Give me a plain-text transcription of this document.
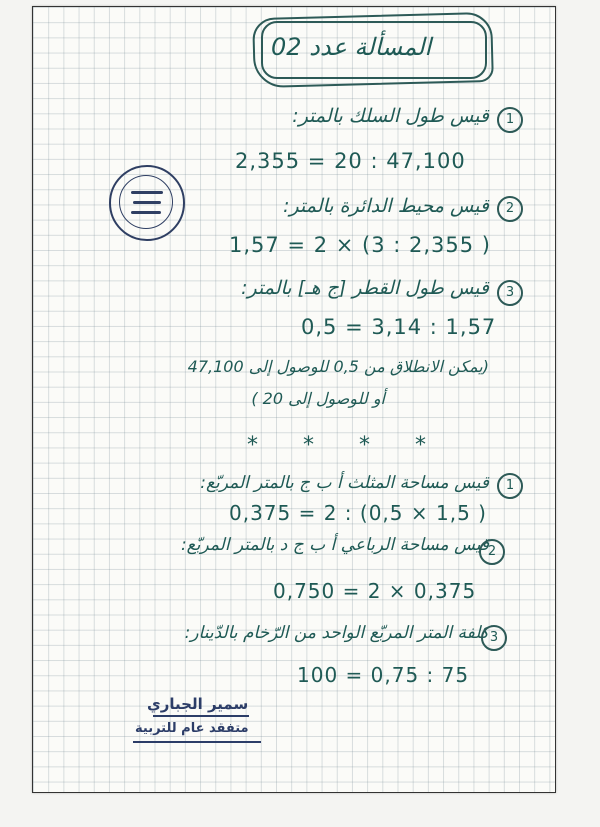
المسألة عدد 02
قيس طول السلك بالمتر:	1
2,355 = 20 : 47,100
قيس محيط الدائرة بالمتر:	2
1,57 = 2 × (3 : 2,355 )
قيس طول القطر [ج هـ] بالمتر:	3
0,5 = 3,14 : 1,57
(يمكن الانطلاق من 0,5 للوصول إلى 47,100
أو للوصول إلى 20 )
* * * *
قيس مساحة المثلث أ ب ج بالمتر المربّع:	1
0,375 = 2 : (0,5 × 1,5 )
قيس مساحة الرباعي أ ب ج د بالمتر المربّع:
2
0,750 = 2 × 0,375
كلفة المتر المربّع الواحد من الرّخام بالدّينار: 3
100 = 0,75 : 75
سمير الجباري
متفقد عام للتربية
